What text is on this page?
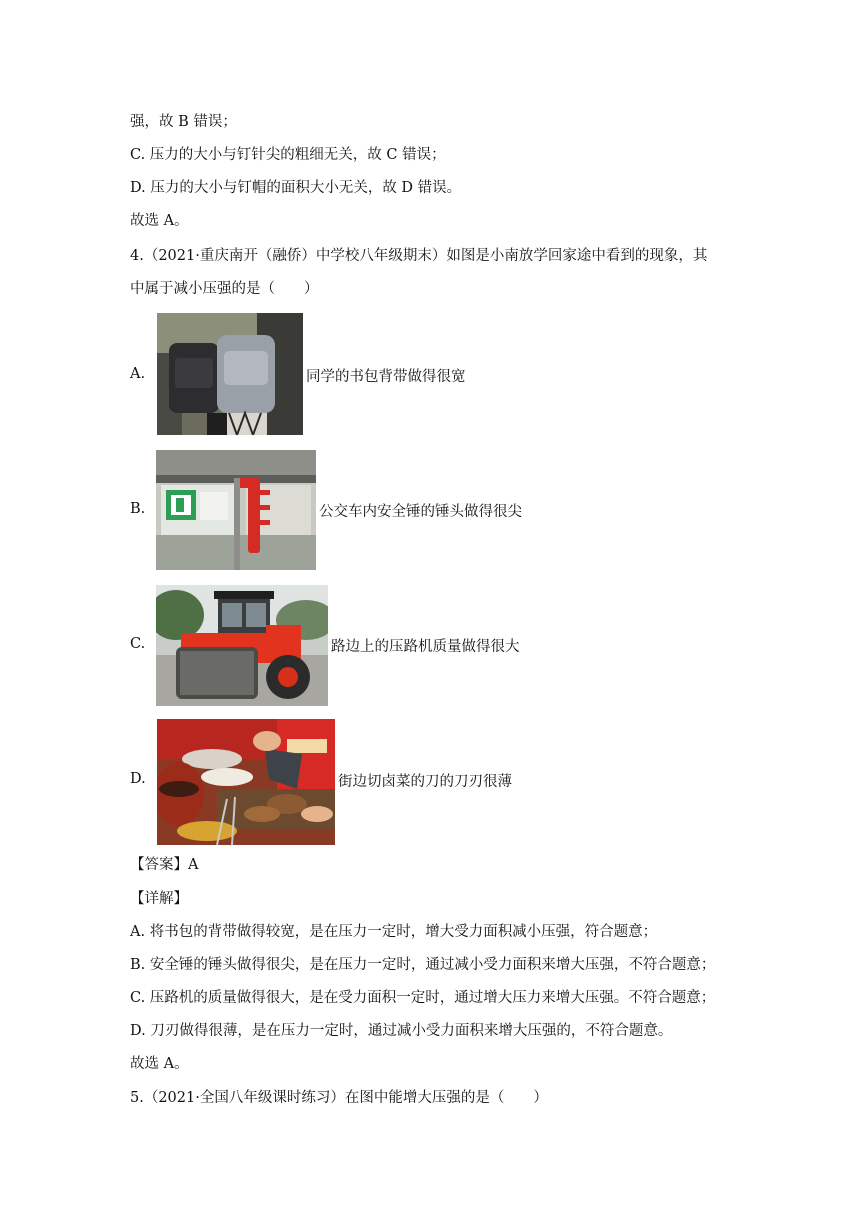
强，故 B 错误；
C. 压力的大小与钉针尖的粗细无关，故 C 错误；
D. 压力的大小与钉帽的面积大小无关，故 D 错误。
故选 A。
4.（2021·重庆南开（融侨）中学校八年级期末）如图是小南放学回家途中看到的现象，其
中属于减小压强的是（　　）
A.	同学的书包背带做得很宽
B.	公交车内安全锤的锤头做得很尖
C.	路边上的压路机质量做得很大
D.	街边切卤菜的刀的刀刃很薄
【答案】A
【详解】
A. 将书包的背带做得较宽，是在压力一定时，增大受力面积减小压强，符合题意；
B. 安全锤的锤头做得很尖，是在压力一定时，通过减小受力面积来增大压强，不符合题意；
C. 压路机的质量做得很大，是在受力面积一定时，通过增大压力来增大压强。不符合题意；
D. 刀刃做得很薄，是在压力一定时，通过减小受力面积来增大压强的，不符合题意。
故选 A。
5.（2021·全国八年级课时练习）在图中能增大压强的是（　　）
